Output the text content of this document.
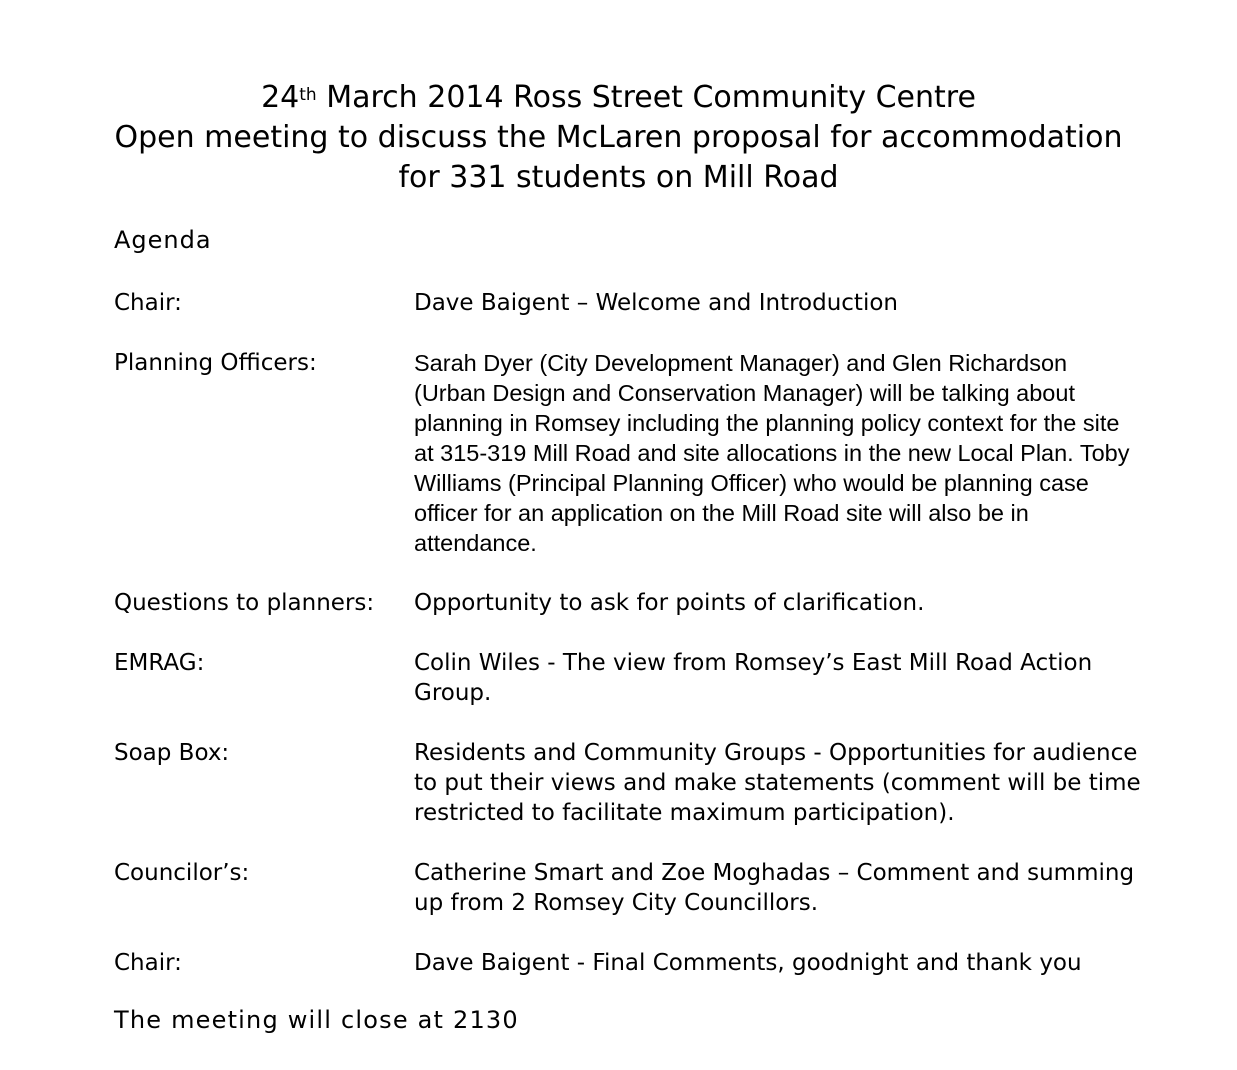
24th March 2014 Ross Street Community Centre
Open meeting to discuss the McLaren proposal for accommodation
for 331 students on Mill Road
Agenda
Chair:	Dave Baigent – Welcome and Introduction
Planning Officers:	Sarah Dyer (City Development Manager) and Glen Richardson (Urban Design and Conservation Manager) will be talking about planning in Romsey including the planning policy context for the site at 315-319 Mill Road and site allocations in the new Local Plan. Toby Williams (Principal Planning Officer) who would be planning case officer for an application on the Mill Road site will also be in attendance.
Questions to planners: Opportunity to ask for points of clarification.
EMRAG:	Colin Wiles - The view from Romsey’s East Mill Road Action Group.
Soap Box:	Residents and Community Groups - Opportunities for audience to put their views and make statements (comment will be time restricted to facilitate maximum participation).
Councilor’s:	Catherine Smart and Zoe Moghadas – Comment and summing up from 2 Romsey City Councillors.
Chair:	Dave Baigent - Final Comments, goodnight and thank you
The meeting will close at 2130
